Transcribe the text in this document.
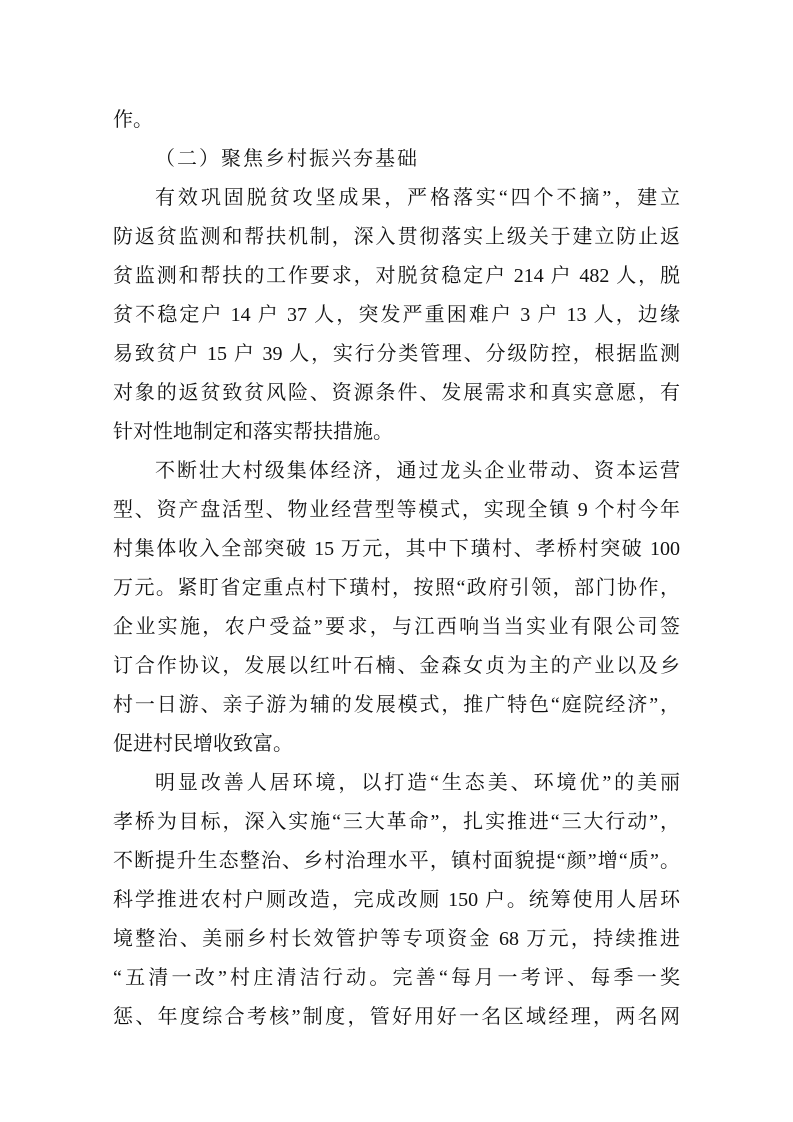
作。
（二）聚焦乡村振兴夯基础
有效巩固脱贫攻坚成果，严格落实“四个不摘”，建立
防返贫监测和帮扶机制，深入贯彻落实上级关于建立防止返
贫监测和帮扶的工作要求，对脱贫稳定户 214 户 482 人，脱
贫不稳定户 14 户 37 人，突发严重困难户 3 户 13 人，边缘
易致贫户 15 户 39 人，实行分类管理、分级防控，根据监测
对象的返贫致贫风险、资源条件、发展需求和真实意愿，有
针对性地制定和落实帮扶措施。
不断壮大村级集体经济，通过龙头企业带动、资本运营
型、资产盘活型、物业经营型等模式，实现全镇 9 个村今年
村集体收入全部突破 15 万元，其中下璜村、孝桥村突破 100
万元。紧盯省定重点村下璜村，按照“政府引领，部门协作，
企业实施，农户受益”要求，与江西响当当实业有限公司签
订合作协议，发展以红叶石楠、金森女贞为主的产业以及乡
村一日游、亲子游为辅的发展模式，推广特色“庭院经济”，
促进村民增收致富。
明显改善人居环境，以打造“生态美、环境优”的美丽
孝桥为目标，深入实施“三大革命”，扎实推进“三大行动”，
不断提升生态整治、乡村治理水平，镇村面貌提“颜”增“质”。
科学推进农村户厕改造，完成改厕 150 户。统筹使用人居环
境整治、美丽乡村长效管护等专项资金 68 万元，持续推进
“五清一改”村庄清洁行动。完善“每月一考评、每季一奖
惩、年度综合考核”制度，管好用好一名区域经理，两名网
